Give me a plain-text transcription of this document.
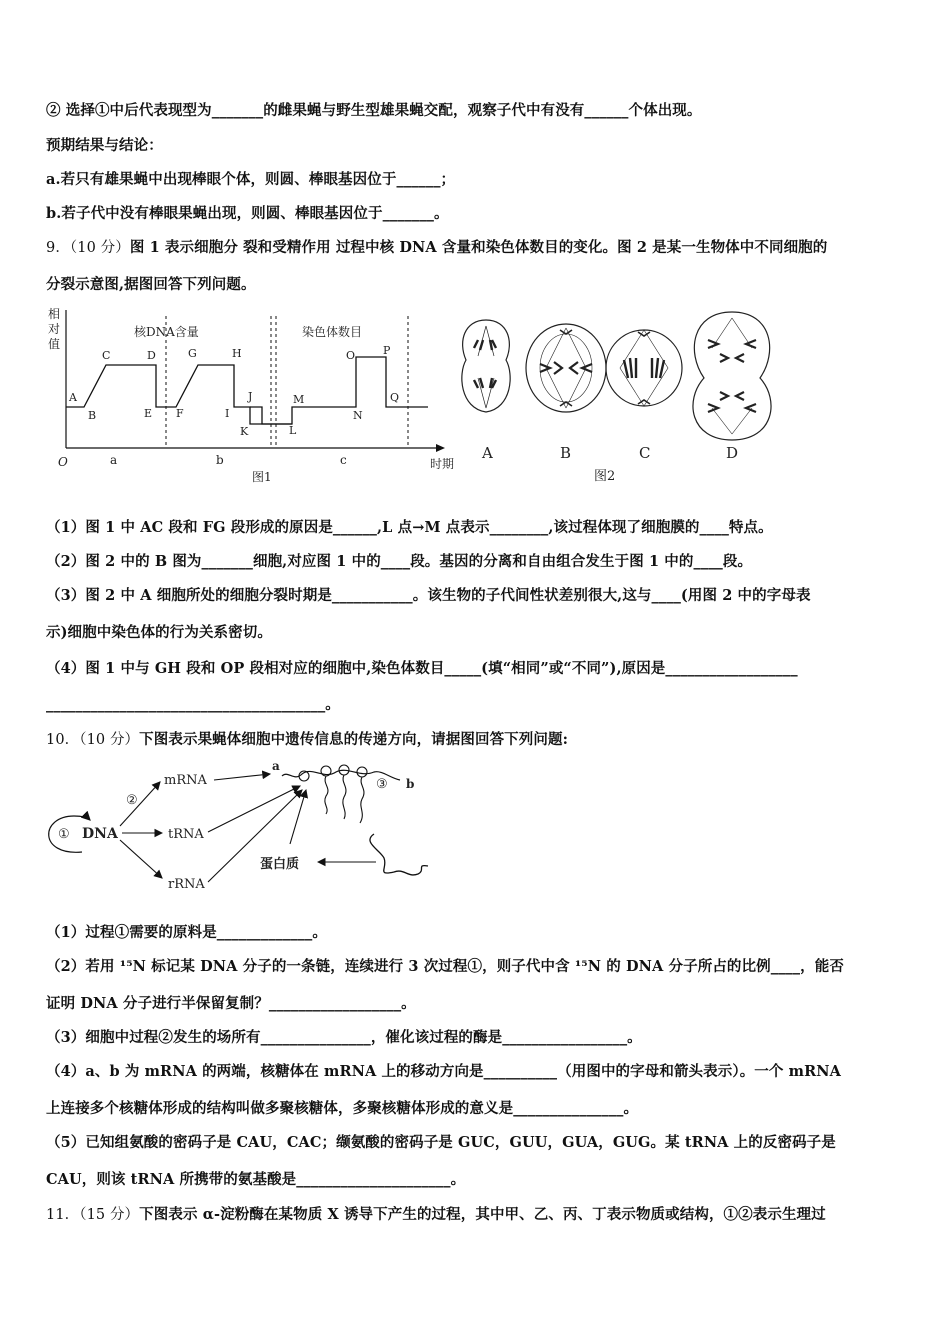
② 选择①中后代表现型为_______的雌果蝇与野生型雄果蝇交配，观察子代中有没有______个体出现。
预期结果与结论：
a.若只有雄果蝇中出现棒眼个体，则圆、棒眼基因位于______；
b.若子代中没有棒眼果蝇出现，则圆、棒眼基因位于_______。
9．（10 分）图 1 表示细胞分 裂和受精作用 过程中核 DNA 含量和染色体数目的变化。图 2 是某一生物体中不同细胞的
分裂示意图,据图回答下列问题。
相
对
值
O	时期
图1
核DNA含量	染色体数目
A
B
C	D
E F
G	H
I
J
K	L
M
N
O	P
Q
a	b	c	A	B	C	D
图2
（1）图 1 中 AC 段和 FG 段形成的原因是______,L 点→M 点表示________,该过程体现了细胞膜的____特点。
（2）图 2 中的 B 图为_______细胞,对应图 1 中的____段。基因的分离和自由组合发生于图 1 中的____段。
（3）图 2 中 A 细胞所处的细胞分裂时期是___________。该生物的子代间性状差别很大,这与____(用图 2 中的字母表
示)细胞中染色体的行为关系密切。
（4）图 1 中与 GH 段和 OP 段相对应的细胞中,染色体数目_____(填“相同”或“不同”),原因是__________________
______________________________________。
10．（10 分）下图表示果蝇体细胞中遗传信息的传递方向，请据图回答下列问题:
① DNA
②
mRNA
tRNA
rRNA
a
b
③
蛋白质
（1）过程①需要的原料是_____________。
（2）若用 ¹⁵N 标记某 DNA 分子的一条链，连续进行 3 次过程①，则子代中含 ¹⁵N 的 DNA 分子所占的比例____，能否
证明 DNA 分子进行半保留复制？__________________。
（3）细胞中过程②发生的场所有_______________，催化该过程的酶是_________________。
（4）a、b 为 mRNA 的两端，核糖体在 mRNA 上的移动方向是__________（用图中的字母和箭头表示）。一个 mRNA
上连接多个核糖体形成的结构叫做多聚核糖体，多聚核糖体形成的意义是_______________。
（5）已知组氨酸的密码子是 CAU，CAC；缬氨酸的密码子是 GUC，GUU，GUA，GUG。某 tRNA 上的反密码子是
CAU，则该 tRNA 所携带的氨基酸是_____________________。
11．（15 分）下图表示 α-淀粉酶在某物质 X 诱导下产生的过程，其中甲、乙、丙、丁表示物质或结构，①②表示生理过
